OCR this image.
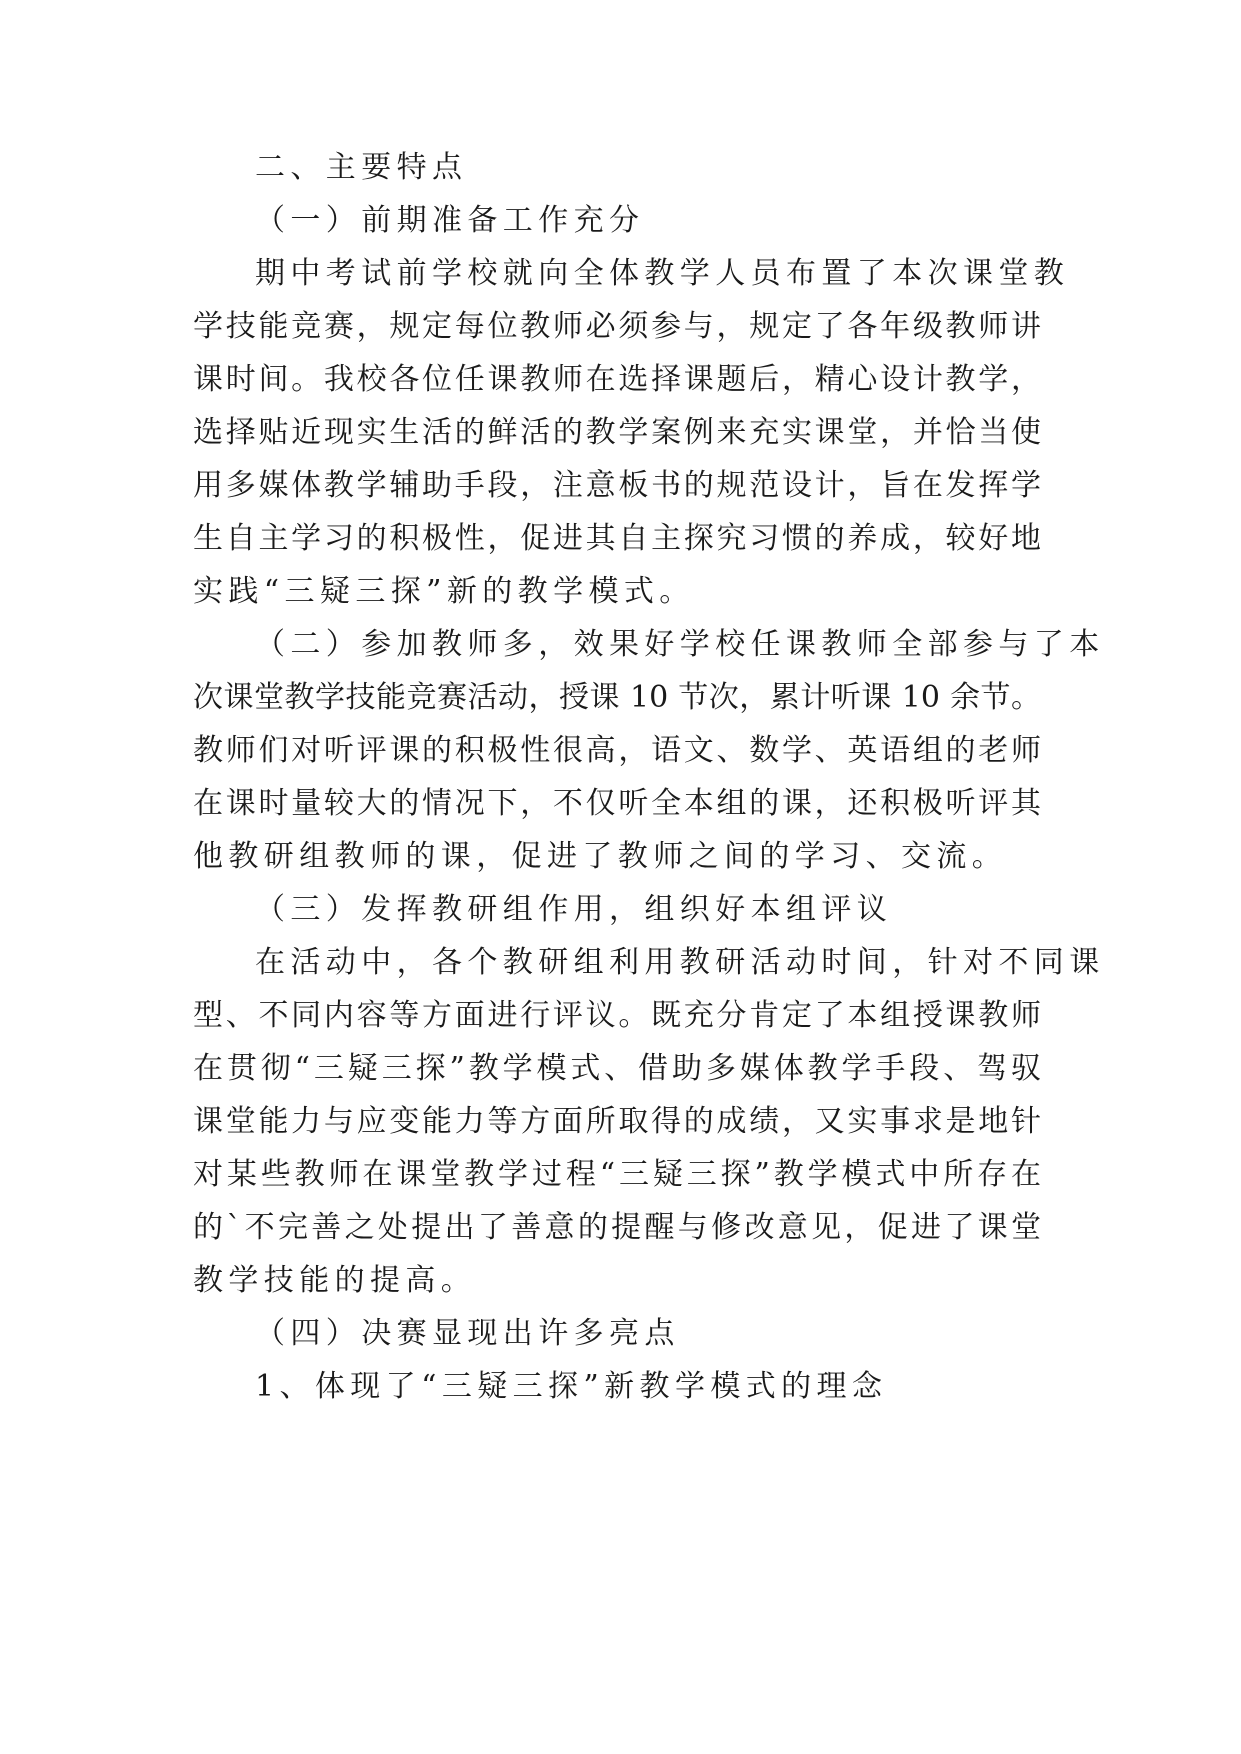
二、主要特点
（一）前期准备工作充分
期中考试前学校就向全体教学人员布置了本次课堂教
学技能竞赛，规定每位教师必须参与，规定了各年级教师讲
课时间。我校各位任课教师在选择课题后，精心设计教学，
选择贴近现实生活的鲜活的教学案例来充实课堂，并恰当使
用多媒体教学辅助手段，注意板书的规范设计，旨在发挥学
生自主学习的积极性，促进其自主探究习惯的养成，较好地
实践“三疑三探”新的教学模式。
（二）参加教师多，效果好学校任课教师全部参与了本
次课堂教学技能竞赛活动，授课 10 节次，累计听课 10 余节。
教师们对听评课的积极性很高，语文、数学、英语组的老师
在课时量较大的情况下，不仅听全本组的课，还积极听评其
他教研组教师的课，促进了教师之间的学习、交流。
（三）发挥教研组作用，组织好本组评议
在活动中，各个教研组利用教研活动时间，针对不同课
型、不同内容等方面进行评议。既充分肯定了本组授课教师
在贯彻“三疑三探”教学模式、借助多媒体教学手段、驾驭
课堂能力与应变能力等方面所取得的成绩，又实事求是地针
对某些教师在课堂教学过程“三疑三探”教学模式中所存在
的`不完善之处提出了善意的提醒与修改意见，促进了课堂
教学技能的提高。
（四）决赛显现出许多亮点
1、体现了“三疑三探”新教学模式的理念
